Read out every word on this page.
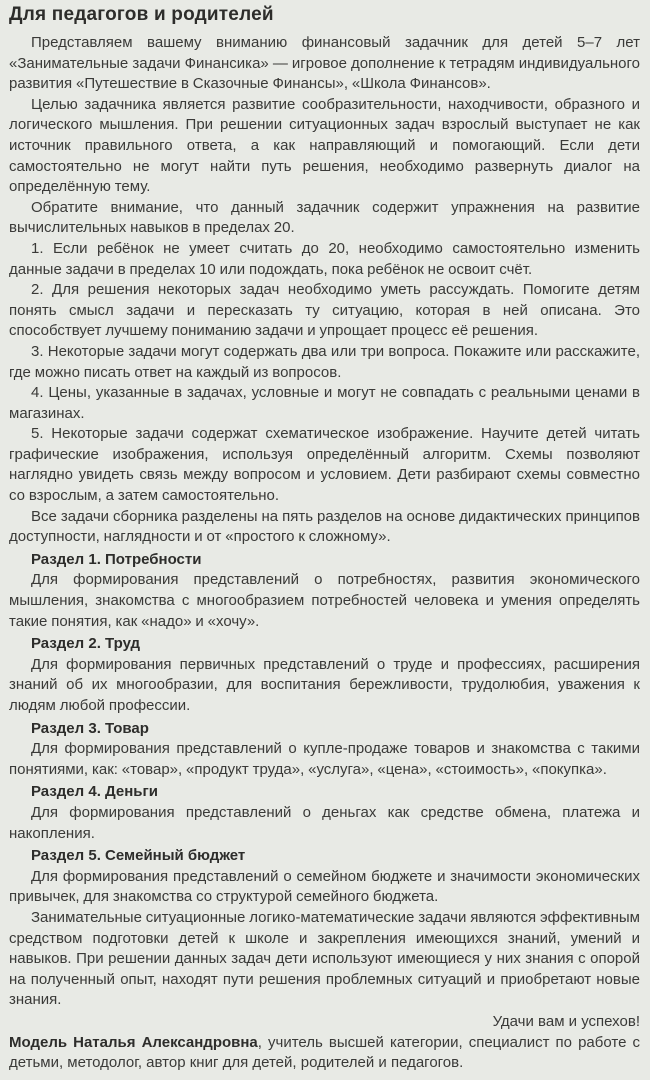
Для педагогов и родителей

Представляем вашему вниманию финансовый задачник для детей 5–7 лет «Занимательные задачи Финансика» — игровое дополнение к тетрадям индивидуального развития «Путешествие в Сказочные Финансы», «Школа Финансов».

Целью задачника является развитие сообразительности, находчивости, образного и логического мышления. При решении ситуационных задач взрослый выступает не как источник правильного ответа, а как направляющий и помогающий. Если дети самостоятельно не могут найти путь решения, необходимо развернуть диалог на определённую тему.

Обратите внимание, что данный задачник содержит упражнения на развитие вычислительных навыков в пределах 20.

1. Если ребёнок не умеет считать до 20, необходимо самостоятельно изменить данные задачи в пределах 10 или подождать, пока ребёнок не освоит счёт.

2. Для решения некоторых задач необходимо уметь рассуждать. Помогите детям понять смысл задачи и пересказать ту ситуацию, которая в ней описана. Это способствует лучшему пониманию задачи и упрощает процесс её решения.

3. Некоторые задачи могут содержать два или три вопроса. Покажите или расскажите, где можно писать ответ на каждый из вопросов.

4. Цены, указанные в задачах, условные и могут не совпадать с реальными ценами в магазинах.

5. Некоторые задачи содержат схематическое изображение. Научите детей читать графические изображения, используя определённый алгоритм. Схемы позволяют наглядно увидеть связь между вопросом и условием. Дети разбирают схемы совместно со взрослым, а затем самостоятельно.

Все задачи сборника разделены на пять разделов на основе дидактических принципов доступности, наглядности и от «простого к сложному».

Раздел 1. Потребности

Для формирования представлений о потребностях, развития экономического мышления, знакомства с многообразием потребностей человека и умения определять такие понятия, как «надо» и «хочу».

Раздел 2. Труд

Для формирования первичных представлений о труде и профессиях, расширения знаний об их многообразии, для воспитания бережливости, трудолюбия, уважения к людям любой профессии.

Раздел 3. Товар

Для формирования представлений о купле-продаже товаров и знакомства с такими понятиями, как: «товар», «продукт труда», «услуга», «цена», «стоимость», «покупка».

Раздел 4. Деньги

Для формирования представлений о деньгах как средстве обмена, платежа и накопления.

Раздел 5. Семейный бюджет

Для формирования представлений о семейном бюджете и значимости экономических привычек, для знакомства со структурой семейного бюджета.

Занимательные ситуационные логико-математические задачи являются эффективным средством подготовки детей к школе и закрепления имеющихся знаний, умений и навыков. При решении данных задач дети используют имеющиеся у них знания с опорой на полученный опыт, находят пути решения проблемных ситуаций и приобретают новые знания.

Удачи вам и успехов!

Модель Наталья Александровна, учитель высшей категории, специалист по работе с детьми, методолог, автор книг для детей, родителей и педагогов.
